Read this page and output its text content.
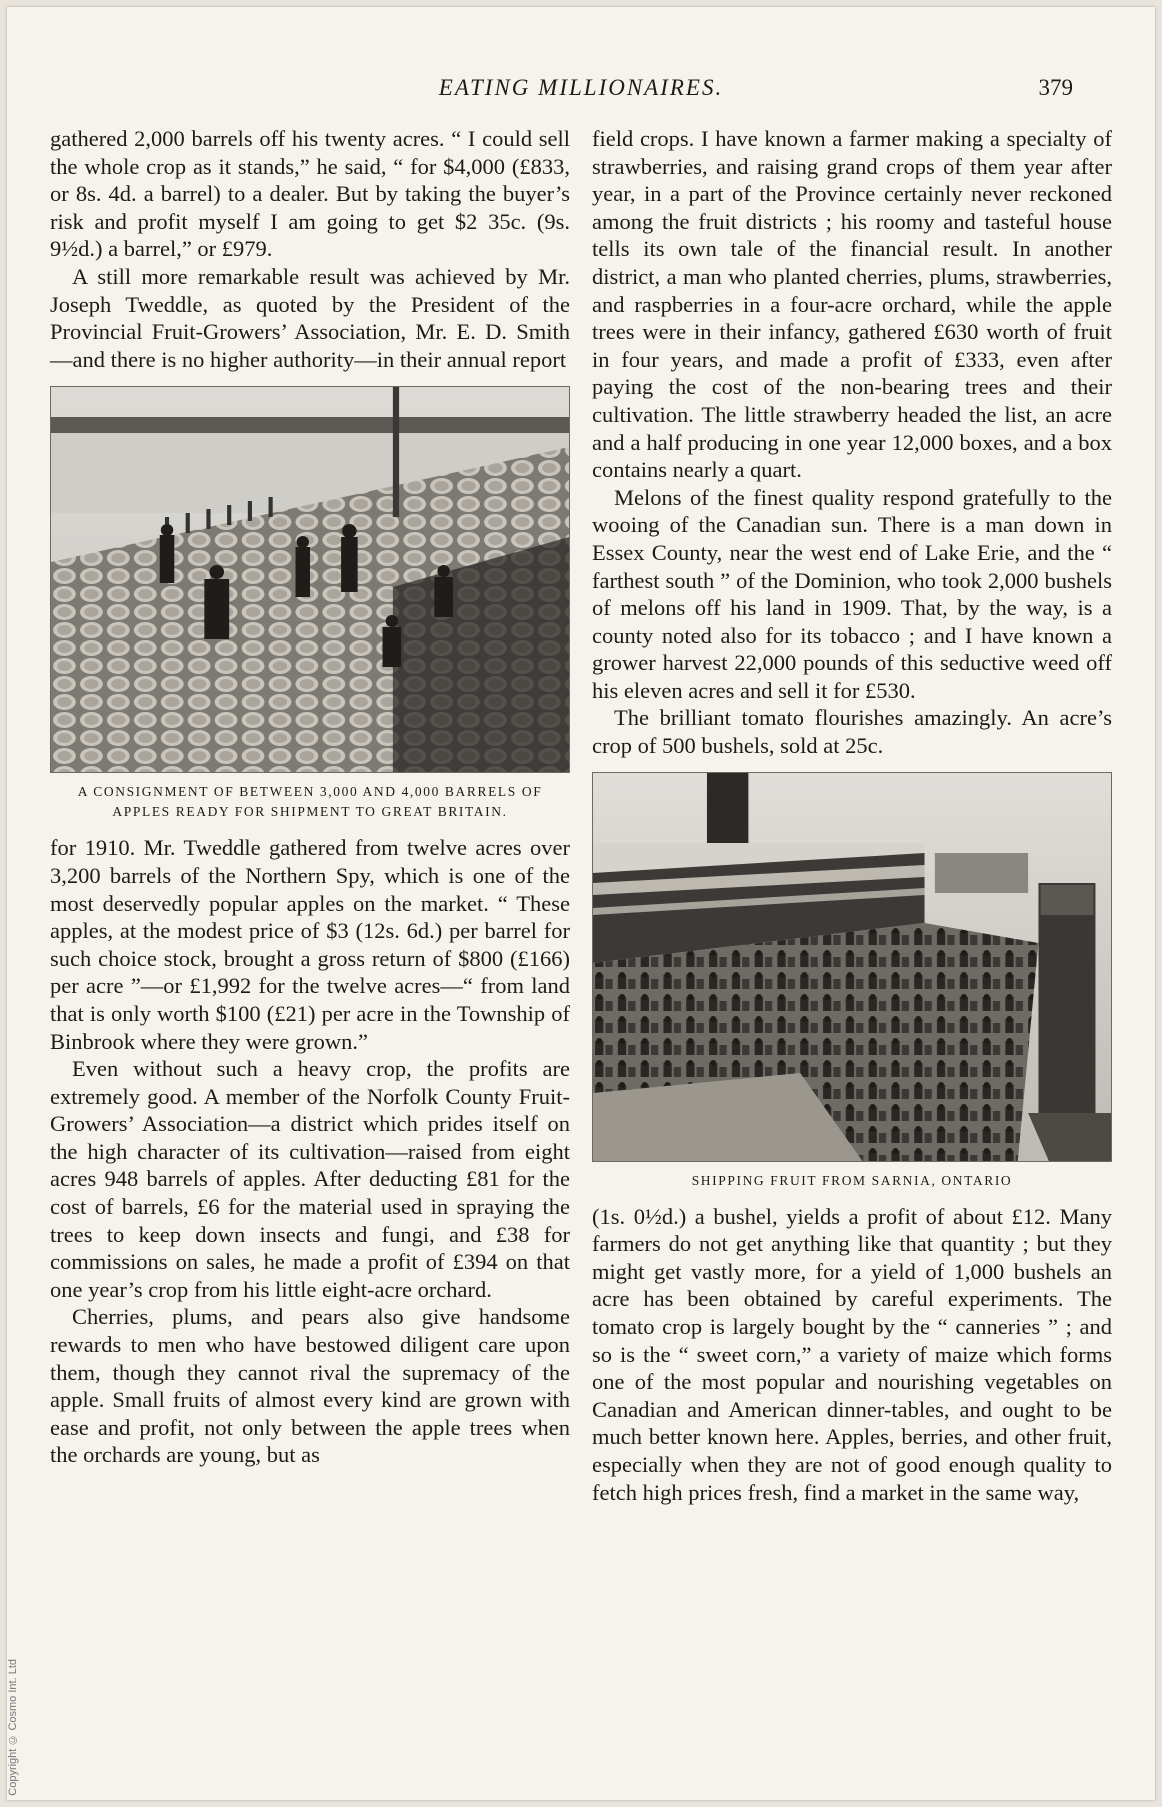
EATING MILLIONAIRES.	379

gathered 2,000 barrels off his twenty acres. “ I could sell the whole crop as it stands,” he said, “ for $4,000 (£833, or 8s. 4d. a barrel) to a dealer. But by taking the buyer’s risk and profit myself I am going to get $2 35c. (9s. 9½d.) a barrel,” or £979.

A still more remarkable result was achieved by Mr. Joseph Tweddle, as quoted by the President of the Provincial Fruit-Growers’ Association, Mr. E. D. Smith—and there is no higher authority—in their annual report

A CONSIGNMENT OF BETWEEN 3,000 AND 4,000 BARRELS OF APPLES READY FOR SHIPMENT TO GREAT BRITAIN.

for 1910. Mr. Tweddle gathered from twelve acres over 3,200 barrels of the Northern Spy, which is one of the most deservedly popular apples on the market. “ These apples, at the modest price of $3 (12s. 6d.) per barrel for such choice stock, brought a gross return of $800 (£166) per acre ”—or £1,992 for the twelve acres—“ from land that is only worth $100 (£21) per acre in the Township of Binbrook where they were grown.”

Even without such a heavy crop, the profits are extremely good. A member of the Norfolk County Fruit-Growers’ Association—a district which prides itself on the high character of its cultivation—raised from eight acres 948 barrels of apples. After deducting £81 for the cost of barrels, £6 for the material used in spraying the trees to keep down insects and fungi, and £38 for commissions on sales, he made a profit of £394 on that one year’s crop from his little eight-acre orchard.

Cherries, plums, and pears also give handsome rewards to men who have bestowed diligent care upon them, though they cannot rival the supremacy of the apple. Small fruits of almost every kind are grown with ease and profit, not only between the apple trees when the orchards are young, but as

field crops. I have known a farmer making a specialty of strawberries, and raising grand crops of them year after year, in a part of the Province certainly never reckoned among the fruit districts ; his roomy and tasteful house tells its own tale of the financial result. In another district, a man who planted cherries, plums, strawberries, and raspberries in a four-acre orchard, while the apple trees were in their infancy, gathered £630 worth of fruit in four years, and made a profit of £333, even after paying the cost of the non-bearing trees and their cultivation. The little strawberry headed the list, an acre and a half producing in one year 12,000 boxes, and a box contains nearly a quart.

Melons of the finest quality respond gratefully to the wooing of the Canadian sun. There is a man down in Essex County, near the west end of Lake Erie, and the “ farthest south ” of the Dominion, who took 2,000 bushels of melons off his land in 1909. That, by the way, is a county noted also for its tobacco ; and I have known a grower harvest 22,000 pounds of this seductive weed off his eleven acres and sell it for £530.

The brilliant tomato flourishes amazingly. An acre’s crop of 500 bushels, sold at 25c.

SHIPPING FRUIT FROM SARNIA, ONTARIO

(1s. 0½d.) a bushel, yields a profit of about £12. Many farmers do not get anything like that quantity ; but they might get vastly more, for a yield of 1,000 bushels an acre has been obtained by careful experiments. The tomato crop is largely bought by the “ canneries ” ; and so is the “ sweet corn,” a variety of maize which forms one of the most popular and nourishing vegetables on Canadian and American dinner-tables, and ought to be much better known here. Apples, berries, and other fruit, especially when they are not of good enough quality to fetch high prices fresh, find a market in the same way,

Copyright © Cosmo Int. Ltd
